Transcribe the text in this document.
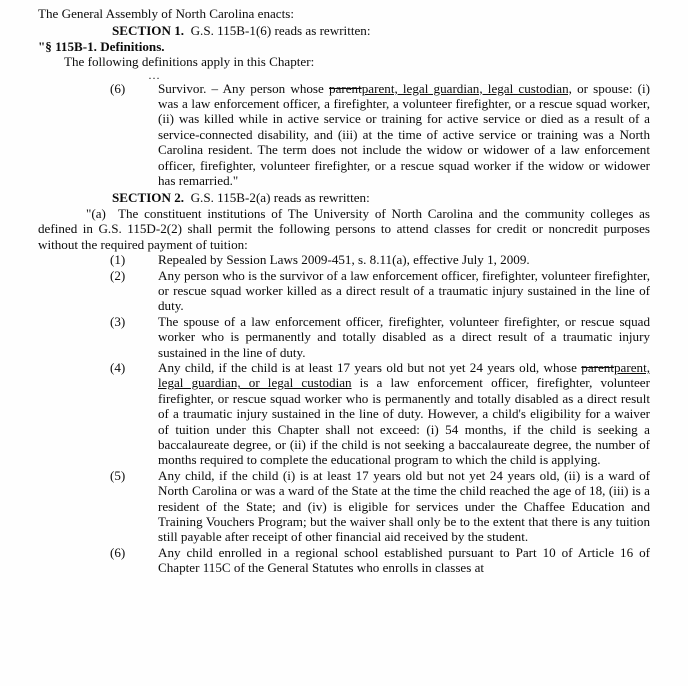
The General Assembly of North Carolina enacts:

SECTION 1. G.S. 115B-1(6) reads as rewritten:

"§ 115B-1. Definitions.

The following definitions apply in this Chapter:

…

(6)	Survivor. – Any person whose parentparent, legal guardian, legal custodian, or spouse: (i) was a law enforcement officer, a firefighter, a volunteer firefighter, or a rescue squad worker, (ii) was killed while in active service or training for active service or died as a result of a service-connected disability, and (iii) at the time of active service or training was a North Carolina resident. The term does not include the widow or widower of a law enforcement officer, firefighter, volunteer firefighter, or a rescue squad worker if the widow or widower has remarried."

SECTION 2. G.S. 115B-2(a) reads as rewritten:

"(a) The constituent institutions of The University of North Carolina and the community colleges as defined in G.S. 115D-2(2) shall permit the following persons to attend classes for credit or noncredit purposes without the required payment of tuition:

(1)	Repealed by Session Laws 2009-451, s. 8.11(a), effective July 1, 2009.

(2)	Any person who is the survivor of a law enforcement officer, firefighter, volunteer firefighter, or rescue squad worker killed as a direct result of a traumatic injury sustained in the line of duty.

(3)	The spouse of a law enforcement officer, firefighter, volunteer firefighter, or rescue squad worker who is permanently and totally disabled as a direct result of a traumatic injury sustained in the line of duty.

(4)	Any child, if the child is at least 17 years old but not yet 24 years old, whose parentparent, legal guardian, or legal custodian is a law enforcement officer, firefighter, volunteer firefighter, or rescue squad worker who is permanently and totally disabled as a direct result of a traumatic injury sustained in the line of duty. However, a child's eligibility for a waiver of tuition under this Chapter shall not exceed: (i) 54 months, if the child is seeking a baccalaureate degree, or (ii) if the child is not seeking a baccalaureate degree, the number of months required to complete the educational program to which the child is applying.

(5)	Any child, if the child (i) is at least 17 years old but not yet 24 years old, (ii) is a ward of North Carolina or was a ward of the State at the time the child reached the age of 18, (iii) is a resident of the State; and (iv) is eligible for services under the Chaffee Education and Training Vouchers Program; but the waiver shall only be to the extent that there is any tuition still payable after receipt of other financial aid received by the student.

(6)	Any child enrolled in a regional school established pursuant to Part 10 of Article 16 of Chapter 115C of the General Statutes who enrolls in classes at
